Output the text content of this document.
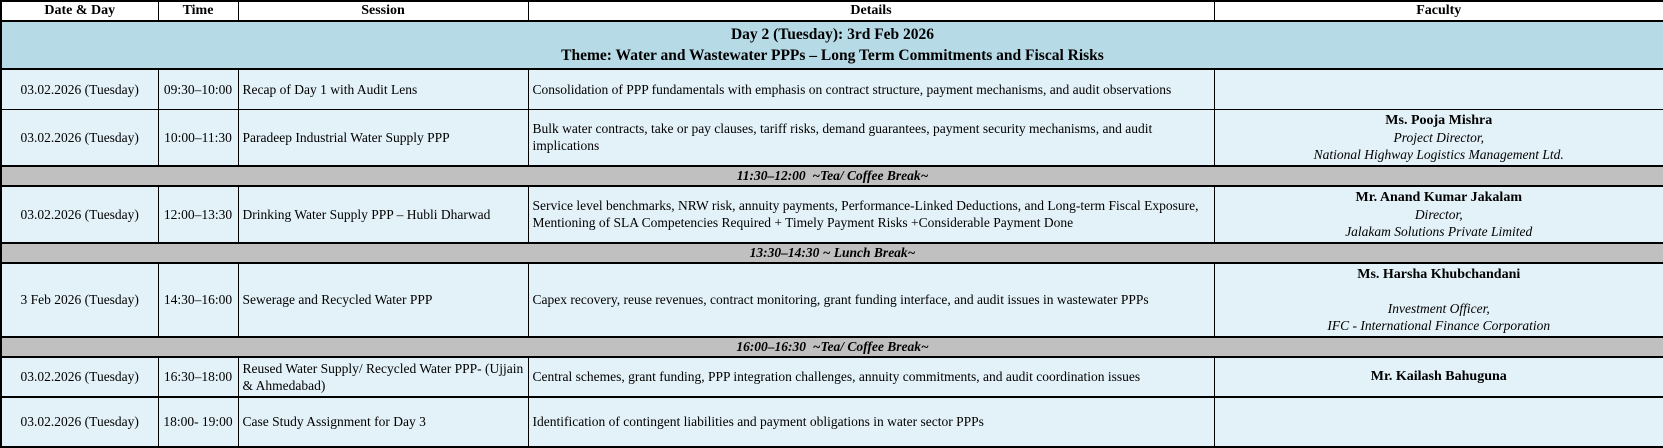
Date & Day	Time	Session	Details	Faculty

Day 2 (Tuesday): 3rd Feb 2026
Theme: Water and Wastewater PPPs – Long Term Commitments and Fiscal Risks				

03.02.2026 (Tuesday)	09:30–10:00	Recap of Day 1 with Audit Lens	Consolidation of PPP fundamentals with emphasis on contract structure, payment mechanisms, and audit observations	

03.02.2026 (Tuesday)	10:00–11:30	Paradeep Industrial Water Supply PPP	Bulk water contracts, take or pay clauses, tariff risks, demand guarantees, payment security mechanisms, and audit implications	Ms. Pooja Mishra
Project Director,
National Highway Logistics Management Ltd.

11:30–12:00  ~Tea/ Coffee Break~				
03.02.2026 (Tuesday)	12:00–13:30	Drinking Water Supply PPP – Hubli Dharwad	Service level benchmarks, NRW risk, annuity payments, Performance-Linked Deductions, and Long-term Fiscal Exposure, Mentioning of SLA Competencies Required + Timely Payment Risks +Considerable Payment Done	
Mr. Anand Kumar Jakalam
Director,
Jalakam Solutions Private Limited

13:30–14:30 ~ Lunch Break~				
3 Feb 2026 (Tuesday)	14:30–16:00	Sewerage and Recycled Water PPP	Capex recovery, reuse revenues, contract monitoring, grant funding interface, and audit issues in wastewater PPPs	Ms. Harsha Khubchandani
Investment Officer,
IFC - International Finance Corporation

16:00–16:30  ~Tea/ Coffee Break~				
03.02.2026 (Tuesday)	16:30–18:00	Reused Water Supply/ Recycled Water PPP- (Ujjain & Ahmedabad)	Central schemes, grant funding, PPP integration challenges, annuity commitments, and audit coordination issues	Mr. Kailash Bahuguna

03.02.2026 (Tuesday)	18:00- 19:00	Case Study Assignment for Day 3	Identification of contingent liabilities and payment obligations in water sector PPPs	
